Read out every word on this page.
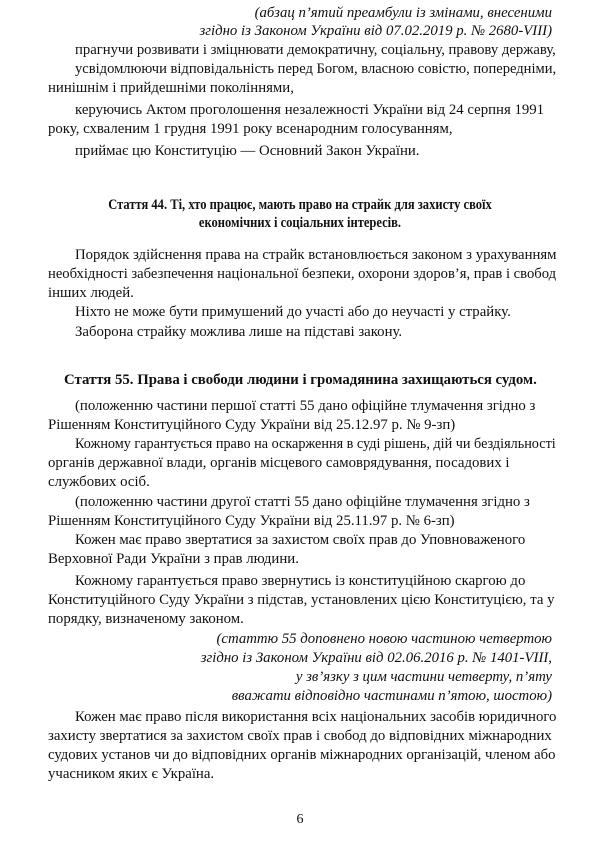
(абзац п’ятий преамбули із змінами, внесеними
згідно із Законом України від 07.02.2019 р. № 2680-VIII)
прагнучи розвивати і зміцнювати демократичну, соціальну, правову державу,
усвідомлюючи відповідальність перед Богом, власною совістю, попередніми,
нинішнім і прийдешніми поколіннями,
керуючись Актом проголошення незалежності України від 24 серпня 1991
року, схваленим 1 грудня 1991 року всенародним голосуванням,
приймає цю Конституцію — Основний Закон України.
Стаття 44. Ті, хто працює, мають право на страйк для захисту своїх
економічних і соціальних інтересів.
Порядок здійснення права на страйк встановлюється законом з урахуванням
необхідності забезпечення національної безпеки, охорони здоров’я, прав і свобод
інших людей.
Ніхто не може бути примушений до участі або до неучасті у страйку.
Заборона страйку можлива лише на підставі закону.
Стаття 55. Права і свободи людини і громадянина захищаються судом.
(положенню частини першої статті 55 дано офіційне тлумачення згідно з
Рішенням Конституційного Суду України від 25.12.97 р. № 9-зп)
Кожному гарантується право на оскарження в суді рішень, дій чи бездіяльності
органів державної влади, органів місцевого самоврядування, посадових і
службових осіб.
(положенню частини другої статті 55 дано офіційне тлумачення згідно з
Рішенням Конституційного Суду України від 25.11.97 р. № 6-зп)
Кожен має право звертатися за захистом своїх прав до Уповноваженого
Верховної Ради України з прав людини.
Кожному гарантується право звернутись із конституційною скаргою до
Конституційного Суду України з підстав, установлених цією Конституцією, та у
порядку, визначеному законом.
(статтю 55 доповнено новою частиною четвертою
згідно із Законом України від 02.06.2016 р. № 1401-VIII,
у зв’язку з цим частини четверту, п’яту
вважати відповідно частинами п’ятою, шостою)
Кожен має право після використання всіх національних засобів юридичного
захисту звертатися за захистом своїх прав і свобод до відповідних міжнародних
судових установ чи до відповідних органів міжнародних організацій, членом або
учасником яких є Україна.
6
